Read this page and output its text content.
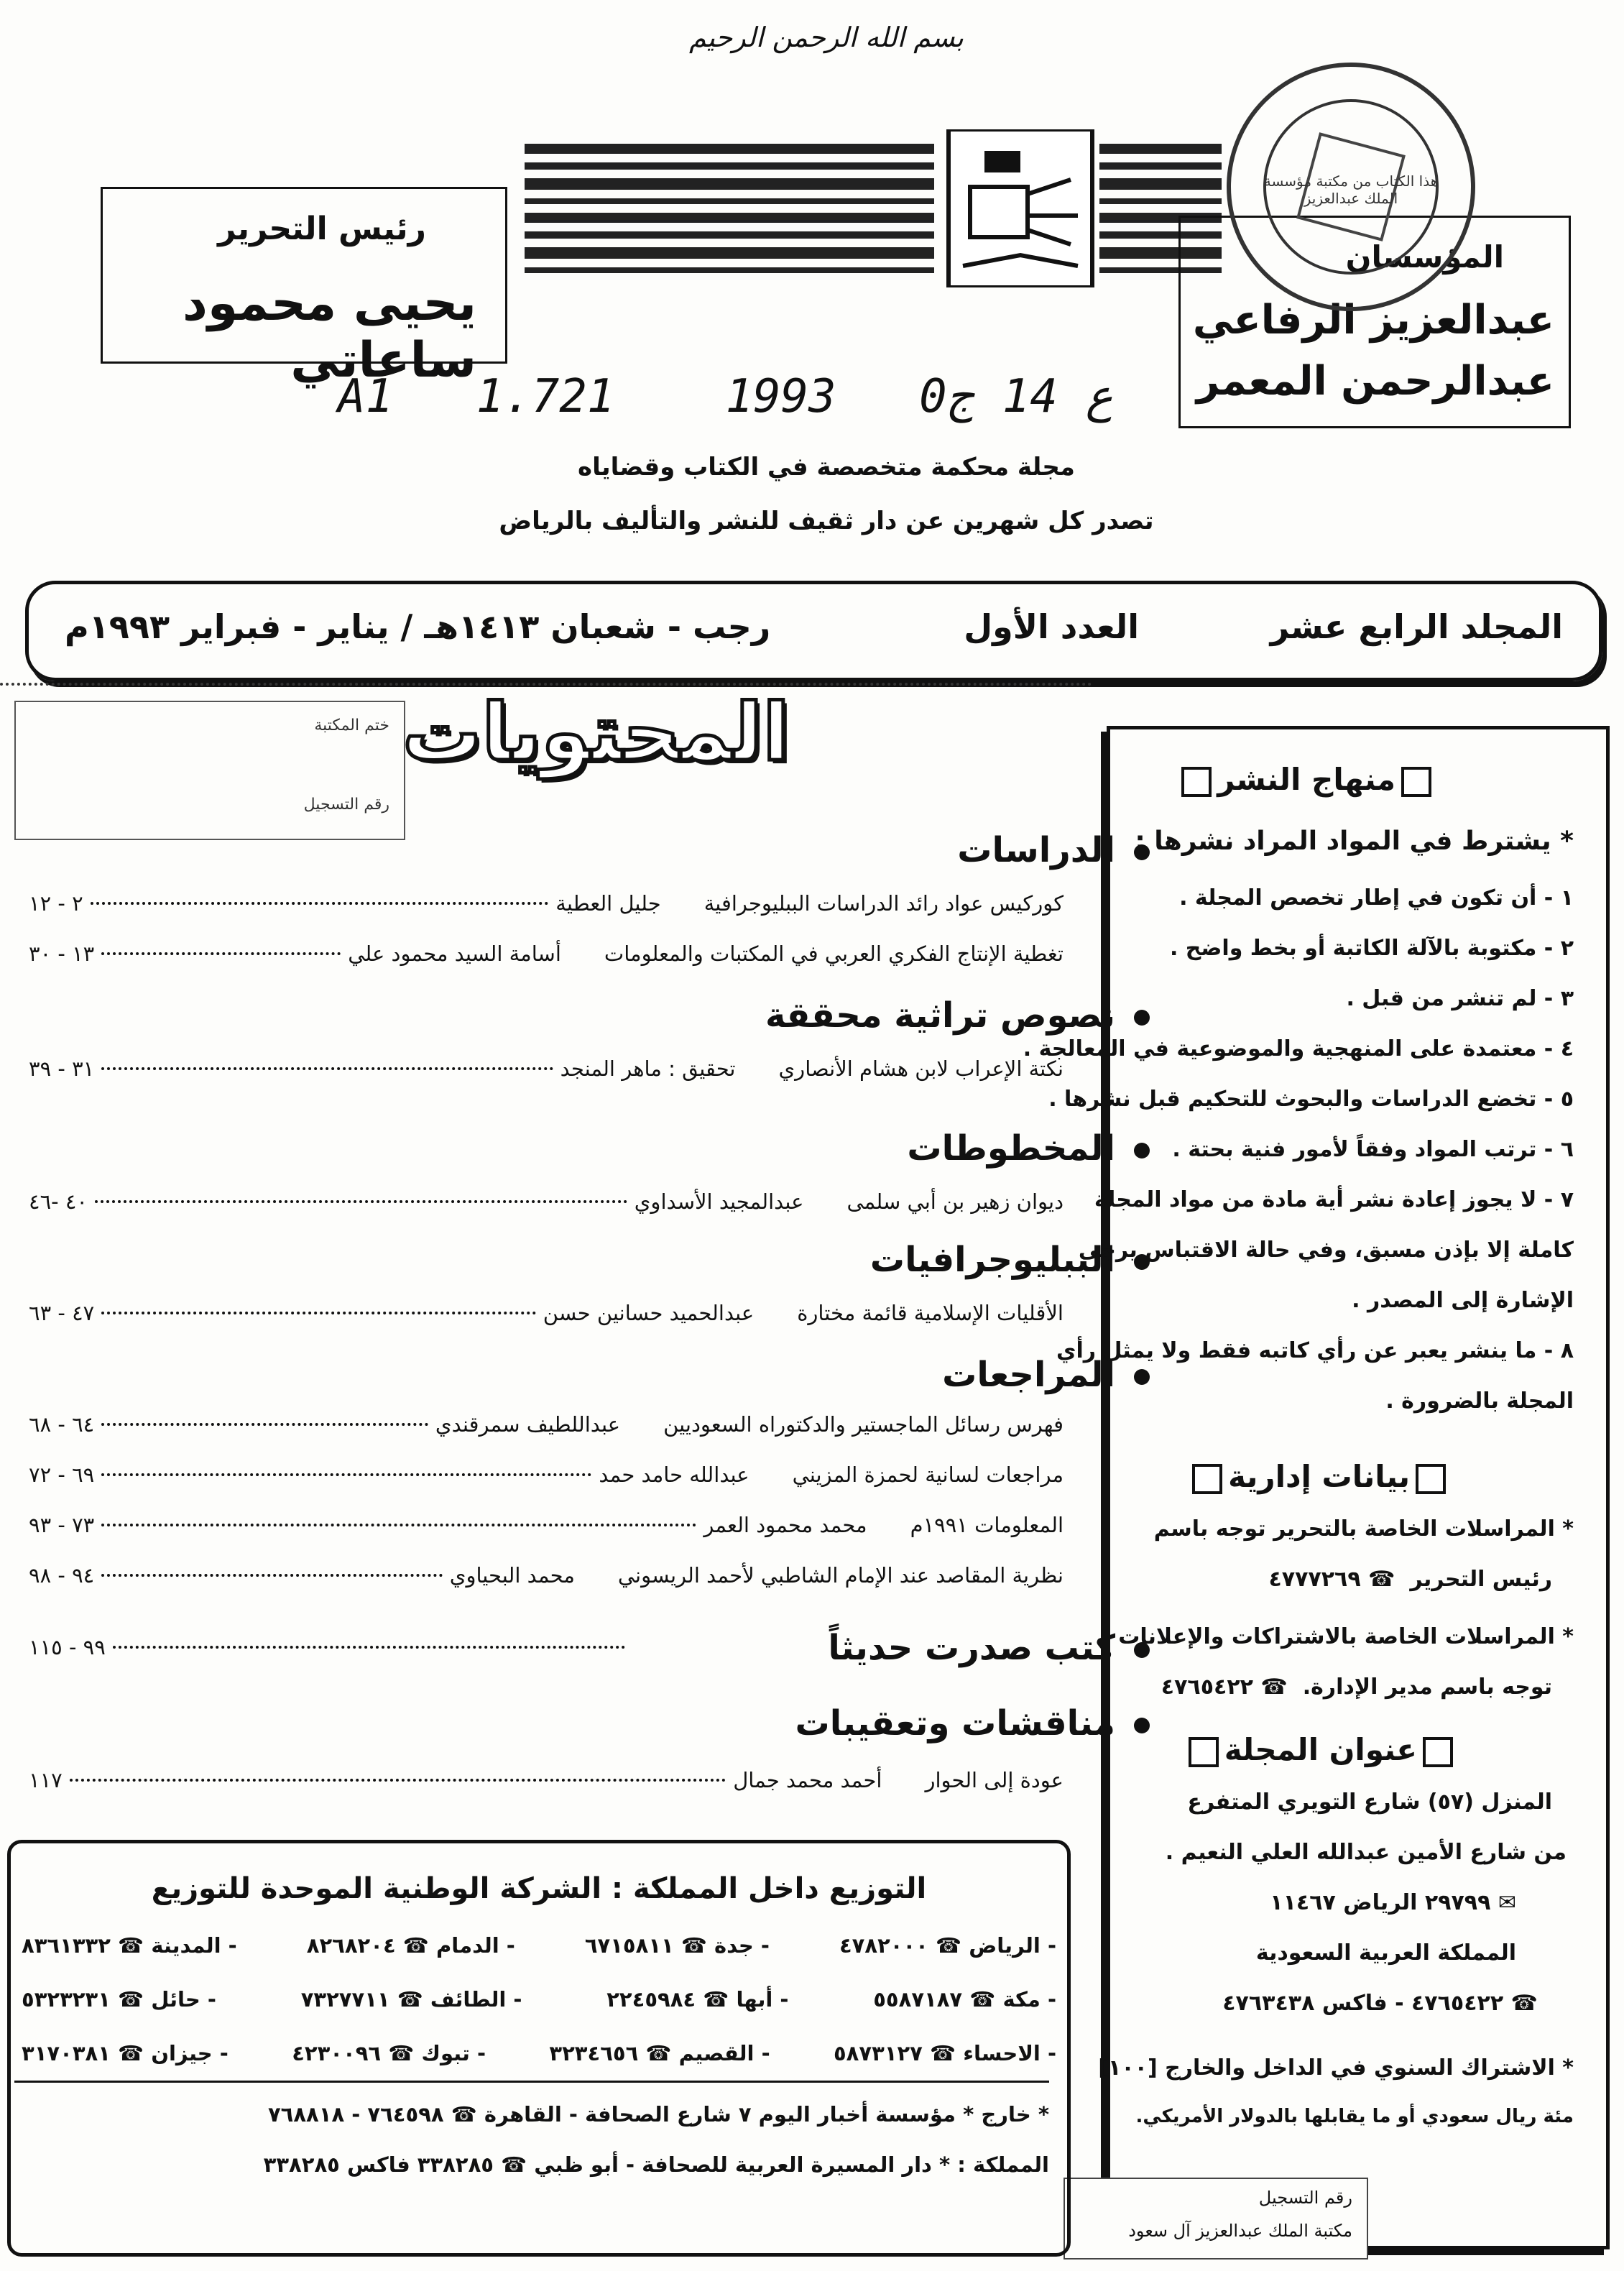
بسم الله الرحمن الرحيم
رئيس التحرير
يحيى محمود ساعاتي
المؤسسان
عبدالعزيز الرفاعي
عبدالرحمن المعمر
هذا الكتاب من مكتبة مؤسسة الملك عبدالعزيز
A1   1.ع 14 ج0   1993    721
مجلة محكمة متخصصة في الكتاب وقضاياه
تصدر كل شهرين عن دار ثقيف للنشر والتأليف بالرياض
المجلد الرابع عشر
العدد الأول
رجب - شعبان ١٤١٣هـ / يناير - فبراير ١٩٩٣م
ختم المكتبة
رقم التسجيل
المحتويات
الدراسات
كوركيس عواد رائد الدراسات الببليوجرافية
جليل العطية
٢ - ١٢
تغطية الإنتاج الفكري العربي في المكتبات والمعلومات
أسامة السيد محمود علي
١٣ - ٣٠
نصوص تراثية محققة
نكتة الإعراب لابن هشام الأنصاري
تحقيق : ماهر المنجد
٣١ - ٣٩
المخطوطات
ديوان زهير بن أبي سلمى
عبدالمجيد الأسداوي
٤٠ -٤٦
الببليوجرافيات
الأقليات الإسلامية قائمة مختارة
عبدالحميد حسانين حسن
٤٧ - ٦٣
المراجعات
فهرس رسائل الماجستير والدكتوراه السعوديين
عبداللطيف سمرقندي
٦٤ - ٦٨
مراجعات لسانية لحمزة المزيني
عبدالله حامد حمد
٦٩ - ٧٢
المعلومات ١٩٩١م
محمد محمود العمر
٧٣ - ٩٣
نظرية المقاصد عند الإمام الشاطبي لأحمد الريسوني
محمد البحياوي
٩٤ - ٩٨
كتب صدرت حديثاً
٩٩ - ١١٥
مناقشات وتعقيبات
عودة إلى الحوار
أحمد محمد جمال
١١٧
منهاج النشر
* يشترط في المواد المراد نشرها :
١ - أن تكون في إطار تخصص المجلة .
٢ - مكتوبة بالآلة الكاتبة أو بخط واضح .
٣ - لم تنشر من قبل .
٤ - معتمدة على المنهجية والموضوعية في المعالجة .
٥ - تخضع الدراسات والبحوث للتحكيم قبل نشرها .
٦ - ترتب المواد وفقاً لأمور فنية بحتة .
٧ - لا يجوز إعادة نشر أية مادة من مواد المجلة
كاملة إلا بإذن مسبق، وفي حالة الاقتباس يرجى
الإشارة إلى المصدر .
٨ - ما ينشر يعبر عن رأي كاتبه فقط ولا يمثل رأي
المجلة بالضرورة .
بيانات إدارية
* المراسلات الخاصة بالتحرير توجه باسم
رئيس التحرير  ☎ ٤٧٧٧٢٦٩
* المراسلات الخاصة بالاشتراكات والإعلانات
توجه باسم مدير الإدارة.  ☎ ٤٧٦٥٤٢٢
عنوان المجلة
المنزل (٥٧) شارع التويري المتفرع
من شارع الأمين عبدالله العلي النعيم .
✉ ٢٩٧٩٩ الرياض ١١٤٦٧
المملكة العربية السعودية
☎ ٤٧٦٥٤٢٢ - فاكس ٤٧٦٣٤٣٨
* الاشتراك السنوي في الداخل والخارج [١٠٠]
مئة ريال سعودي أو ما يقابلها بالدولار الأمريكي.
رقم التسجيل
مكتبة الملك عبدالعزيز آل سعود
التوزيع داخل المملكة : الشركة الوطنية الموحدة للتوزيع
- الرياض ☎ ٤٧٨٢٠٠٠
- جدة ☎ ٦٧١٥٨١١
- الدمام ☎ ٨٢٦٨٢٠٤
- المدينة ☎ ٨٣٦١٣٣٢
- مكة ☎ ٥٥٨٧١٨٧
- أبها ☎ ٢٢٤٥٩٨٤
- الطائف ☎ ٧٣٢٧٧١١
- حائل ☎ ٥٣٢٣٢٣١
- الاحساء ☎ ٥٨٧٣١٢٧
- القصيم ☎ ٣٢٣٤٦٥٦
- تبوك ☎ ٤٢٣٠٠٩٦
- جيزان ☎ ٣١٧٠٣٨١
* خارج * مؤسسة أخبار اليوم ٧ شارع الصحافة - القاهرة ☎ ٧٦٤٥٩٨ - ٧٦٨٨١٨
المملكة : * دار المسيرة العربية للصحافة - أبو ظبي ☎ ٣٣٨٢٨٥ فاكس ٣٣٨٢٨٥
